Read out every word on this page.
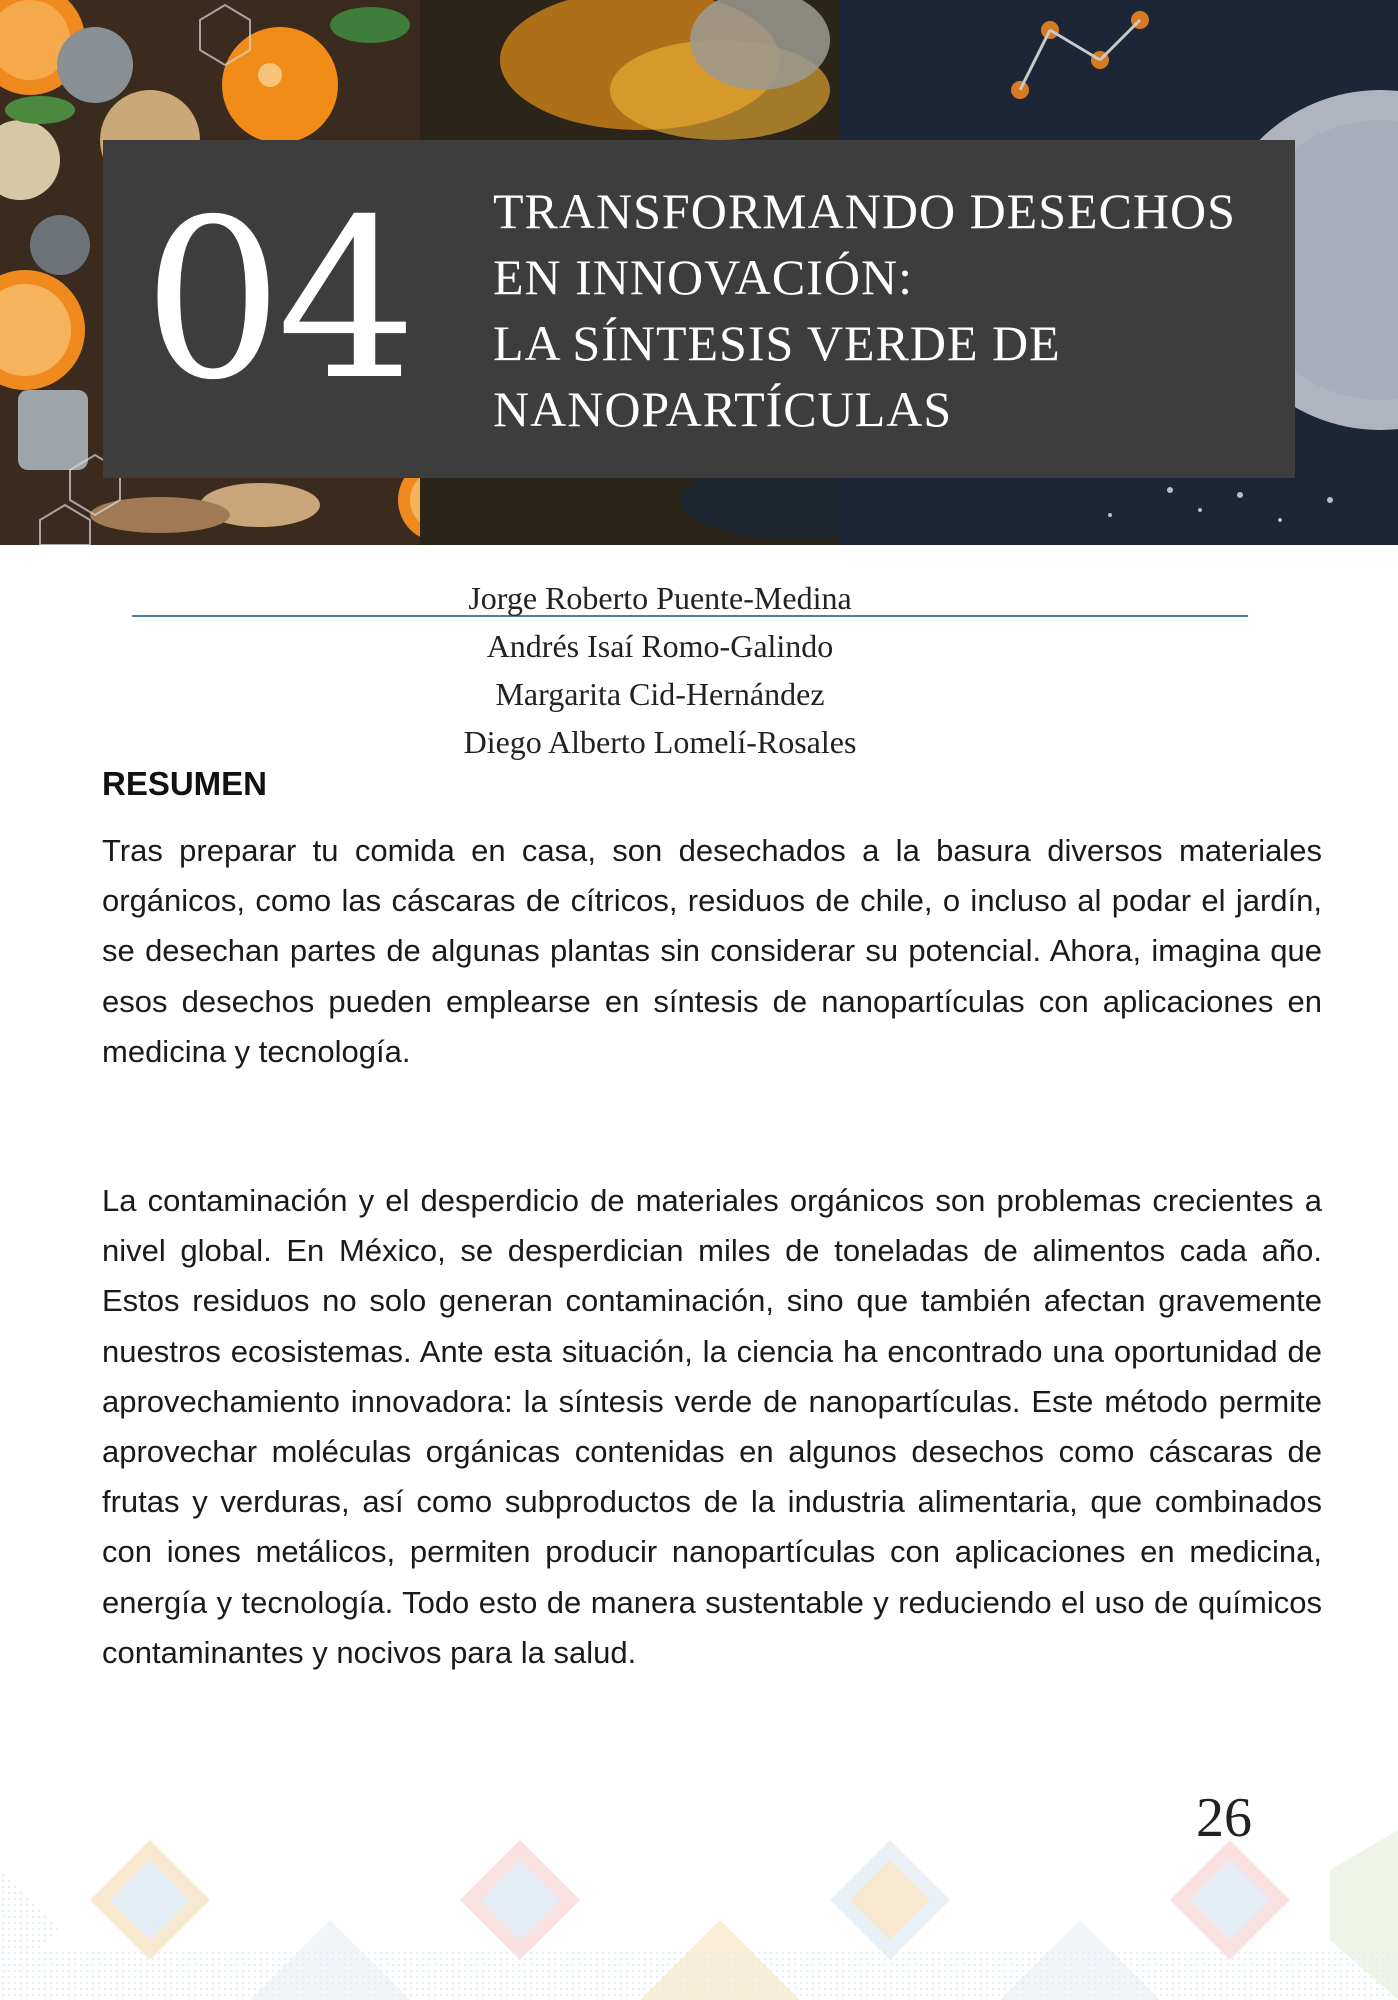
04	TRANSFORMANDO DESECHOS
EN INNOVACIÓN:
LA SÍNTESIS VERDE DE
NANOPARTÍCULAS
Jorge Roberto Puente-Medina
Andrés Isaí Romo-Galindo
Margarita Cid-Hernández
Diego Alberto Lomelí-Rosales
RESUMEN

Tras preparar tu comida en casa, son desechados a la basura diversos materiales orgánicos, como las cáscaras de cítricos, residuos de chile, o incluso al podar el jardín, se desechan partes de algunas plantas sin considerar su potencial. Ahora, imagina que esos desechos pueden emplearse en síntesis de nanopartículas con aplicaciones en medicina y tecnología.

La contaminación y el desperdicio de materiales orgánicos son problemas crecientes a nivel global. En México, se desperdician miles de toneladas de alimentos cada año. Estos residuos no solo generan contaminación, sino que también afectan gravemente nuestros ecosistemas. Ante esta situación, la ciencia ha encontrado una oportunidad de aprovechamiento innovadora: la síntesis verde de nanopartículas. Este método permite aprovechar moléculas orgánicas contenidas en algunos desechos como cáscaras de frutas y verduras, así como subproductos de la industria alimentaria, que combinados con iones metálicos, permiten producir nanopartículas con aplicaciones en medicina, energía y tecnología. Todo esto de manera sustentable y reduciendo el uso de químicos contaminantes y nocivos para la salud.

26
